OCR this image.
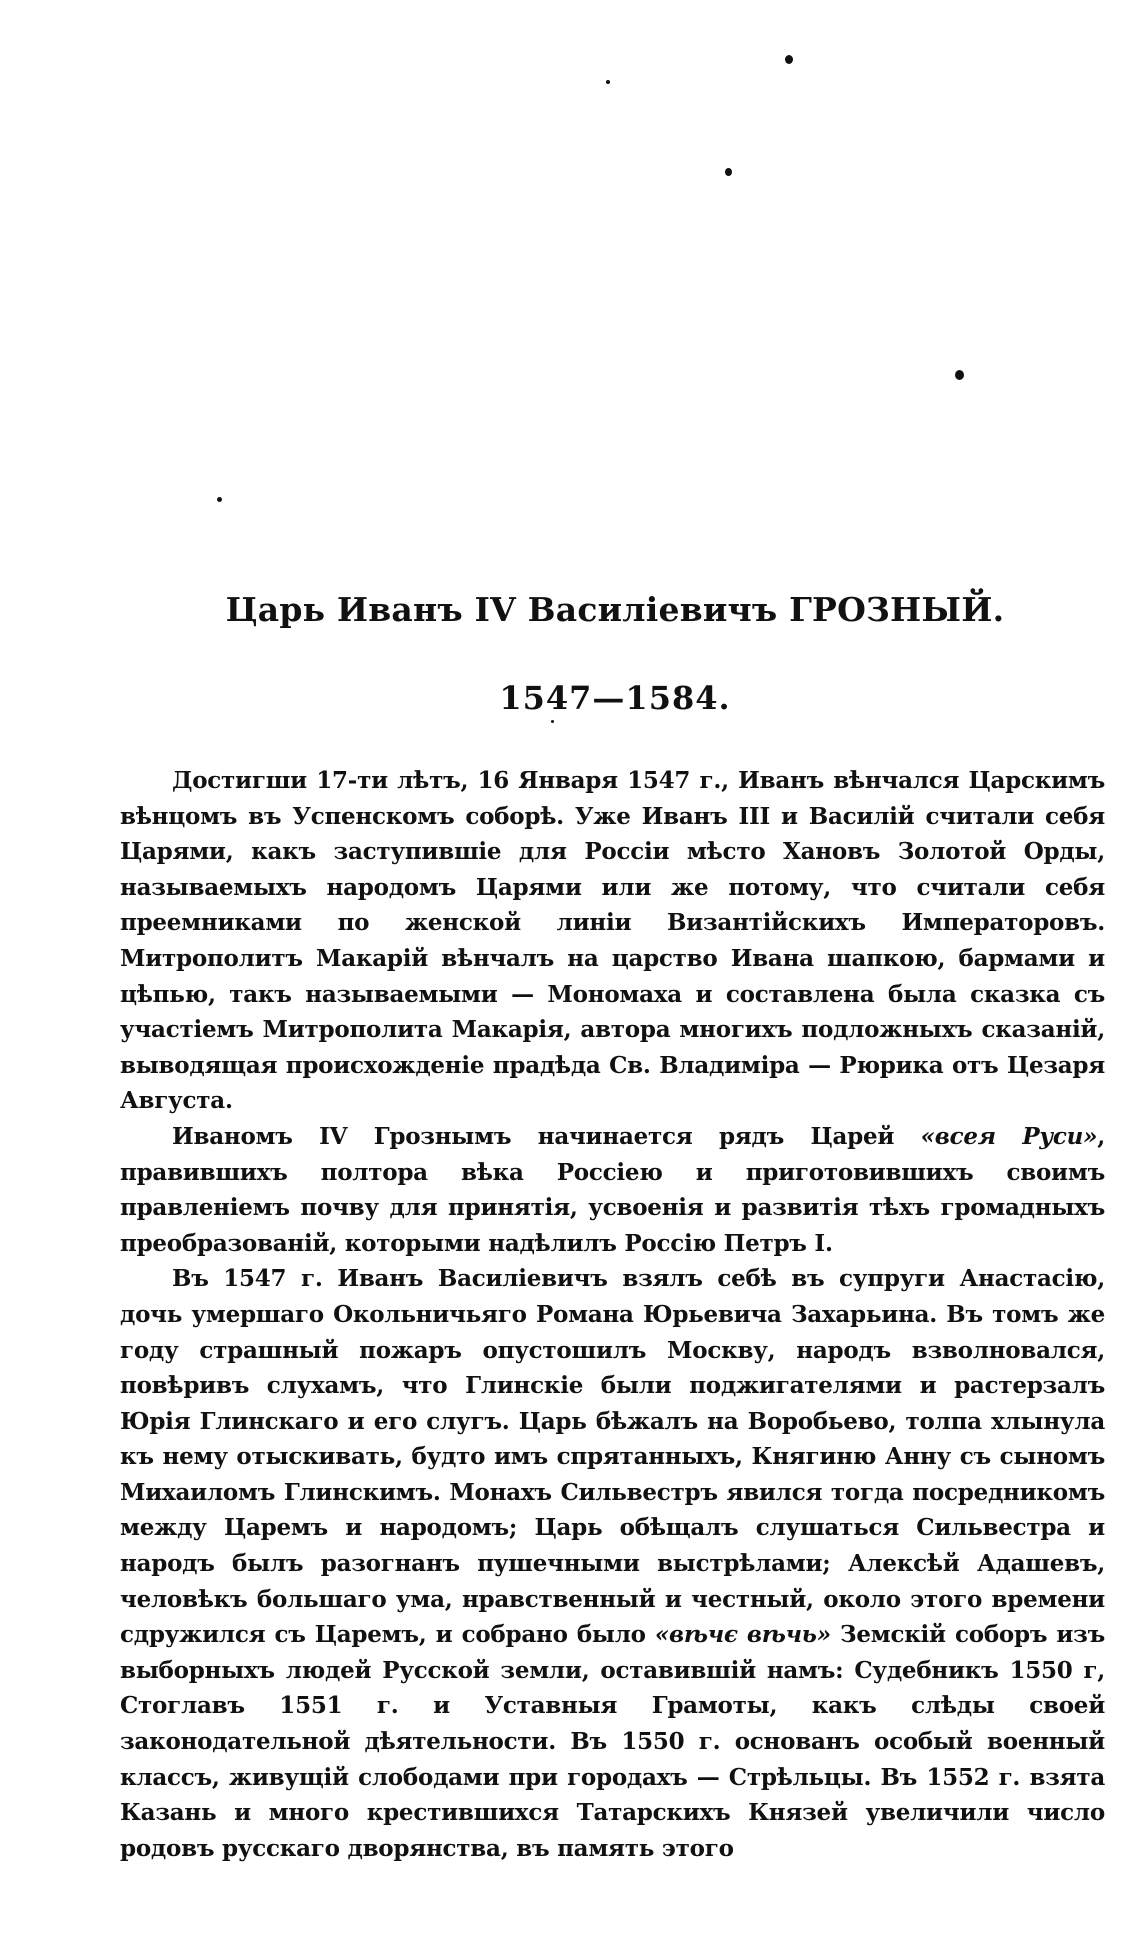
Царь Иванъ IV Василіевичъ ГРОЗНЫЙ.
1547—1584.

Достигши 17-ти лѣтъ, 16 Января 1547 г., Иванъ вѣнчался Царскимъ вѣнцомъ въ Успенскомъ соборѣ. Уже Иванъ III и Василій считали себя Царями, какъ заступившіе для Россіи мѣсто Хановъ Золотой Орды, называемыхъ народомъ Царями или же потому, что считали себя преемниками по женской линіи Византійскихъ Императоровъ. Митрополитъ Макарій вѣнчалъ на царство Ивана шапкою, бармами и цѣпью, такъ называемыми — Мономаха и составлена была сказка съ участіемъ Митрополита Макарія, автора многихъ подложныхъ сказаній, выводящая происхожденіе прадѣда Св. Владиміра — Рюрика отъ Цезаря Августа.

Иваномъ IV Грознымъ начинается рядъ Царей «всея Руси», правившихъ полтора вѣка Россіею и приготовившихъ своимъ правленіемъ почву для принятія, усвоенія и развитія тѣхъ громадныхъ преобразованій, которыми надѣлилъ Россію Петръ I.

Въ 1547 г. Иванъ Василіевичъ взялъ себѣ въ супруги Анастасію, дочь умершаго Окольничьяго Романа Юрьевича Захарьина. Въ томъ же году страшный пожаръ опустошилъ Москву, народъ взволновался, повѣривъ слухамъ, что Глинскіе были поджигателями и растерзалъ Юрія Глинскаго и его слугъ. Царь бѣжалъ на Воробьево, толпа хлынула къ нему отыскивать, будто имъ спрятанныхъ, Княгиню Анну съ сыномъ Михаиломъ Глинскимъ. Монахъ Сильвестръ явился тогда посредникомъ между Царемъ и народомъ; Царь обѣщалъ слушаться Сильвестра и народъ былъ разогнанъ пушечными выстрѣлами; Алексѣй Адашевъ, человѣкъ большаго ума, нравственный и честный, около этого времени сдружился съ Царемъ, и собрано было «вѣчє вѣчь» Земскій соборъ изъ выборныхъ людей Русской земли, оставившій намъ: Судебникъ 1550 г, Стоглавъ 1551 г. и Уставныя Грамоты, какъ слѣды своей законодательной дѣятельности. Въ 1550 г. основанъ особый военный классъ, живущій слободами при городахъ — Стрѣльцы. Въ 1552 г. взята Казань и много крестившихся Татарскихъ Князей увеличили число родовъ русскаго дворянства, въ память этого
